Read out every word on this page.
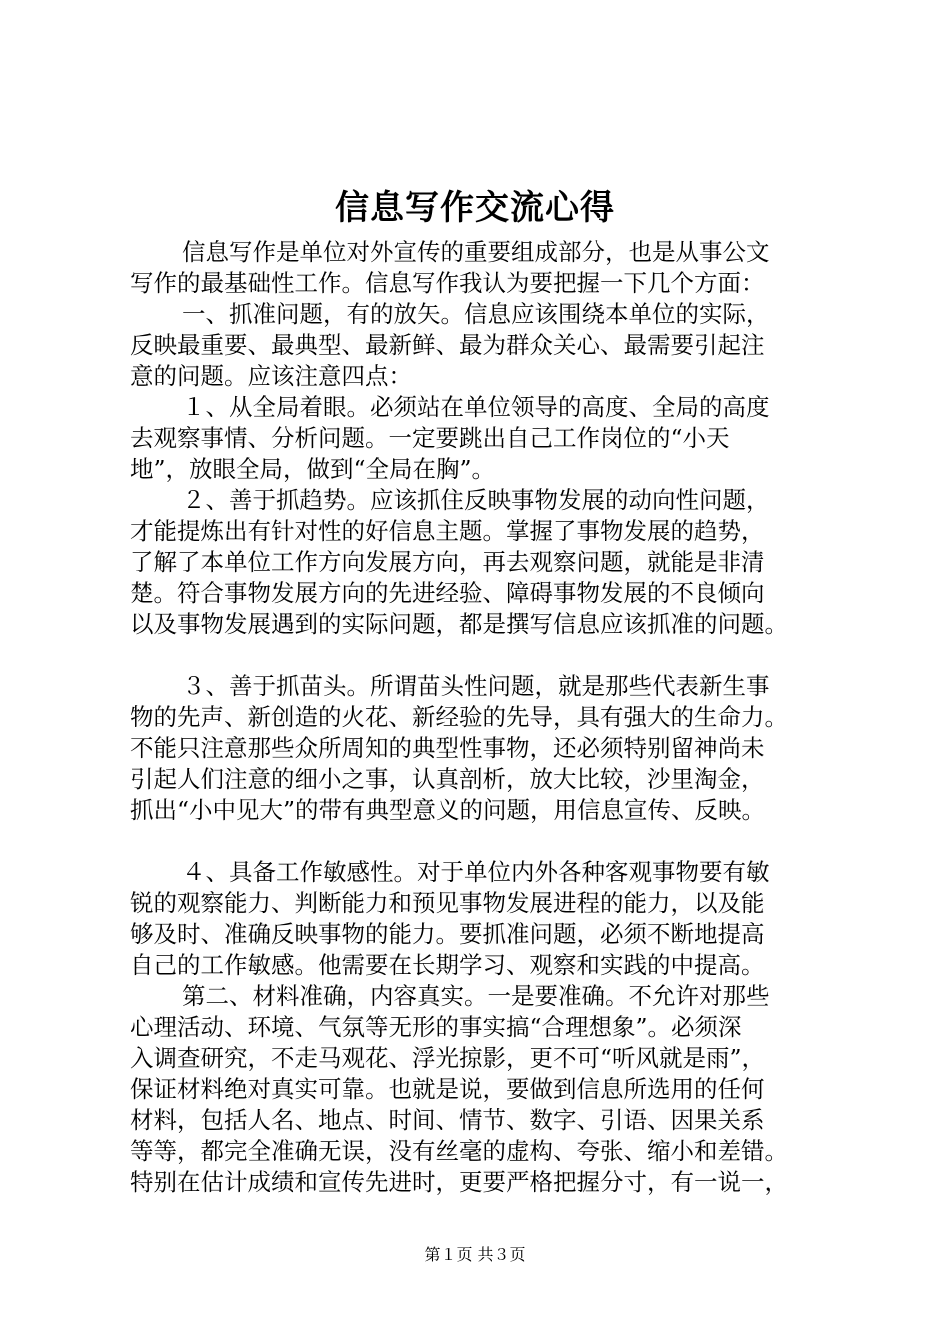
信息写作交流心得
信息写作是单位对外宣传的重要组成部分，也是从事公文
写作的最基础性工作。信息写作我认为要把握一下几个方面：
一、抓准问题，有的放矢。信息应该围绕本单位的实际，
反映最重要、最典型、最新鲜、最为群众关心、最需要引起注
意的问题。应该注意四点：
１、从全局着眼。必须站在单位领导的高度、全局的高度
去观察事情、分析问题。一定要跳出自己工作岗位的“小天
地”，放眼全局，做到“全局在胸”。
２、善于抓趋势。应该抓住反映事物发展的动向性问题，
才能提炼出有针对性的好信息主题。掌握了事物发展的趋势，
了解了本单位工作方向发展方向，再去观察问题，就能是非清
楚。符合事物发展方向的先进经验、障碍事物发展的不良倾向
以及事物发展遇到的实际问题，都是撰写信息应该抓准的问题。
３、善于抓苗头。所谓苗头性问题，就是那些代表新生事
物的先声、新创造的火花、新经验的先导，具有强大的生命力。
不能只注意那些众所周知的典型性事物，还必须特别留神尚未
引起人们注意的细小之事，认真剖析，放大比较，沙里淘金，
抓出“小中见大”的带有典型意义的问题，用信息宣传、反映。
４、具备工作敏感性。对于单位内外各种客观事物要有敏
锐的观察能力、判断能力和预见事物发展进程的能力，以及能
够及时、准确反映事物的能力。要抓准问题，必须不断地提高
自己的工作敏感。他需要在长期学习、观察和实践的中提高。
第二、材料准确，内容真实。一是要准确。不允许对那些
心理活动、环境、气氛等无形的事实搞“合理想象”。必须深
入调查研究，不走马观花、浮光掠影，更不可“听风就是雨”，
保证材料绝对真实可靠。也就是说，要做到信息所选用的任何
材料，包括人名、地点、时间、情节、数字、引语、因果关系
等等，都完全准确无误，没有丝毫的虚构、夸张、缩小和差错。
特别在估计成绩和宣传先进时，更要严格把握分寸，有一说一，
第１页 共３页
